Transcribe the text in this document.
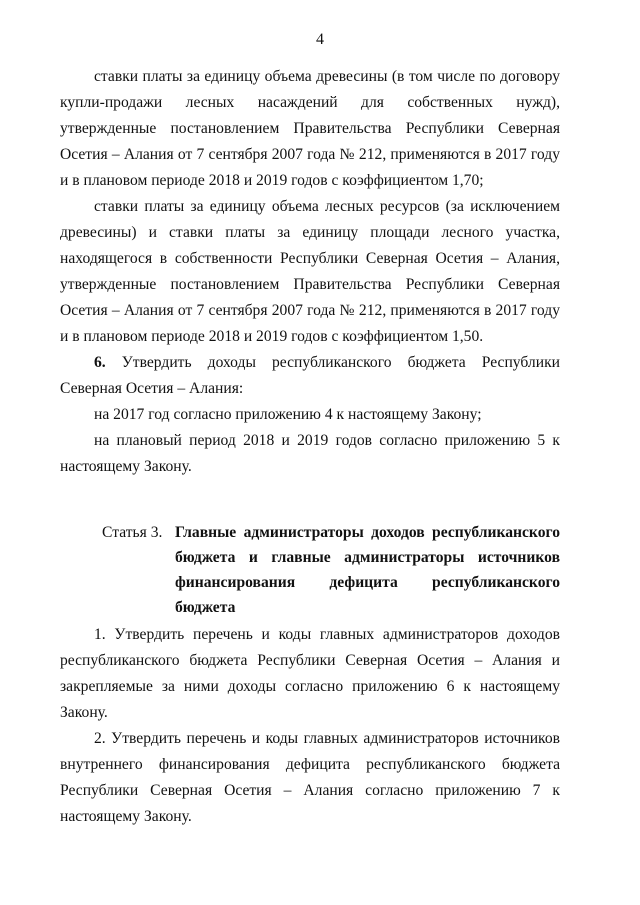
4

ставки платы за единицу объема древесины (в том числе по договору купли-продажи лесных насаждений для собственных нужд), утвержденные постановлением Правительства Республики Северная Осетия – Алания от 7 сентября 2007 года № 212, применяются в 2017 году и в плановом периоде 2018 и 2019 годов с коэффициентом 1,70;

ставки платы за единицу объема лесных ресурсов (за исключением древесины) и ставки платы за единицу площади лесного участка, находящегося в собственности Республики Северная Осетия – Алания, утвержденные постановлением Правительства Республики Северная Осетия – Алания от 7 сентября 2007 года № 212, применяются в 2017 году и в плановом периоде 2018 и 2019 годов с коэффициентом 1,50.

6. Утвердить доходы республиканского бюджета Республики Северная Осетия – Алания:

на 2017 год согласно приложению 4 к настоящему Закону;

на плановый период 2018 и 2019 годов согласно приложению 5 к настоящему Закону.

Статья 3. Главные администраторы доходов республиканского бюджета и главные администраторы источников финансирования дефицита республиканского бюджета

1. Утвердить перечень и коды главных администраторов доходов республиканского бюджета Республики Северная Осетия – Алания и закрепляемые за ними доходы согласно приложению 6 к настоящему Закону.

2. Утвердить перечень и коды главных администраторов источников внутреннего финансирования дефицита республиканского бюджета Республики Северная Осетия – Алания согласно приложению 7 к настоящему Закону.
